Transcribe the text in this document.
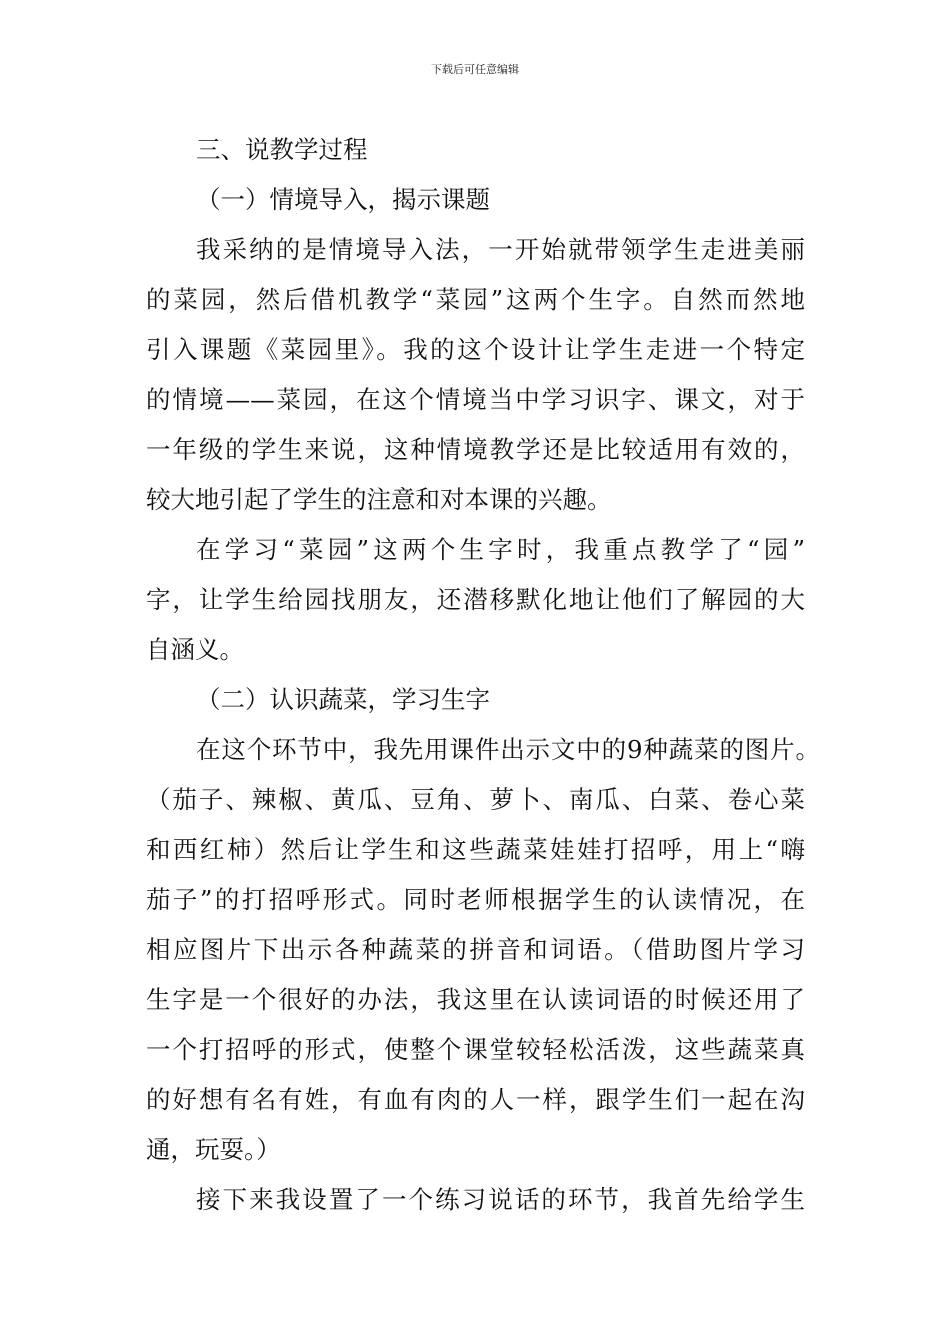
下载后可任意编辑
三、说教学过程
（一）情境导入，揭示课题
我采纳的是情境导入法，一开始就带领学生走进美丽
的菜园，然后借机教学“菜园”这两个生字。自然而然地
引入课题《菜园里》。我的这个设计让学生走进一个特定
的情境——菜园，在这个情境当中学习识字、课文，对于
一年级的学生来说，这种情境教学还是比较适用有效的，
较大地引起了学生的注意和对本课的兴趣。
在学习“菜园”这两个生字时，我重点教学了“园”
字，让学生给园找朋友，还潜移默化地让他们了解园的大
自涵义。
（二）认识蔬菜，学习生字
在这个环节中，我先用课件出示文中的9种蔬菜的图片。
（茄子、辣椒、黄瓜、豆角、萝卜、南瓜、白菜、卷心菜
和西红柿）然后让学生和这些蔬菜娃娃打招呼，用上“嗨
茄子”的打招呼形式。同时老师根据学生的认读情况，在
相应图片下出示各种蔬菜的拼音和词语。（借助图片学习
生字是一个很好的办法，我这里在认读词语的时候还用了
一个打招呼的形式，使整个课堂较轻松活泼，这些蔬菜真
的好想有名有姓，有血有肉的人一样，跟学生们一起在沟
通，玩耍。）
接下来我设置了一个练习说话的环节，我首先给学生
